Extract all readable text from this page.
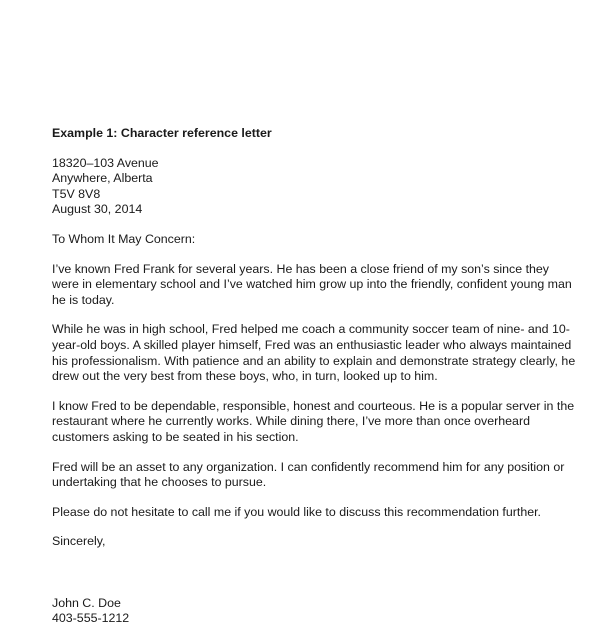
Example 1: Character reference letter
18320–103 Avenue
Anywhere, Alberta
T5V 8V8
August 30, 2014
To Whom It May Concern:
I’ve known Fred Frank for several years. He has been a close friend of my son’s since they
were in elementary school and I’ve watched him grow up into the friendly, confident young man
he is today.
While he was in high school, Fred helped me coach a community soccer team of nine- and 10-
year-old boys. A skilled player himself, Fred was an enthusiastic leader who always maintained
his professionalism. With patience and an ability to explain and demonstrate strategy clearly, he
drew out the very best from these boys, who, in turn, looked up to him.
I know Fred to be dependable, responsible, honest and courteous. He is a popular server in the
restaurant where he currently works. While dining there, I’ve more than once overheard
customers asking to be seated in his section.
Fred will be an asset to any organization. I can confidently recommend him for any position or
undertaking that he chooses to pursue.
Please do not hesitate to call me if you would like to discuss this recommendation further.
Sincerely,
John C. Doe
403-555-1212
